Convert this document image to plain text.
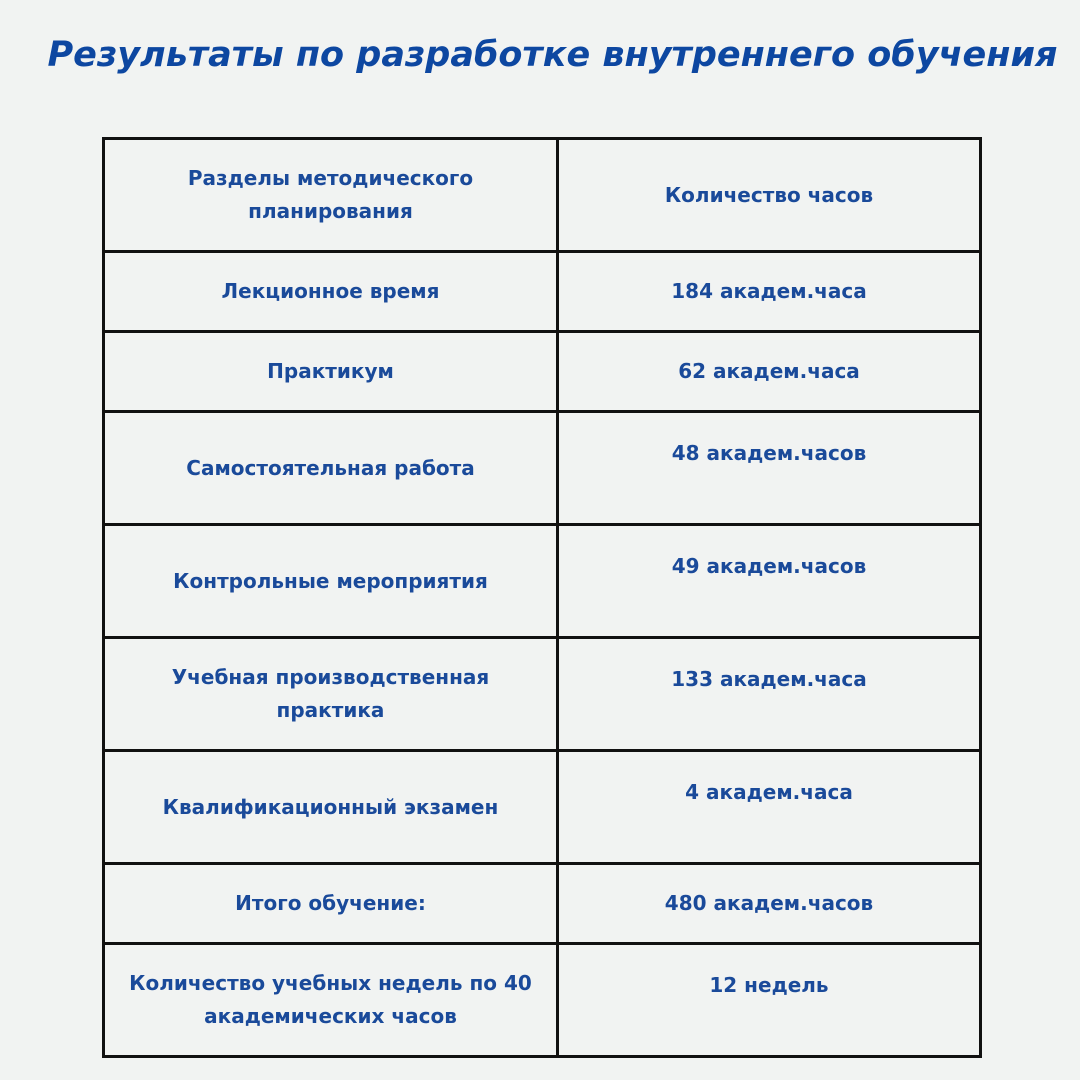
Результаты по разработке внутреннего обучения
Разделы методического планирования	Количество часов
Лекционное время	184 академ.часа
Практикум	62 академ.часа
Самостоятельная работа	48 академ.часов
Контрольные мероприятия	49 академ.часов
Учебная производственная практика	133 академ.часа
Квалификационный экзамен	4 академ.часа
Итого обучение:	480 академ.часов
Количество учебных недель по 40 академических часов	12 недель
